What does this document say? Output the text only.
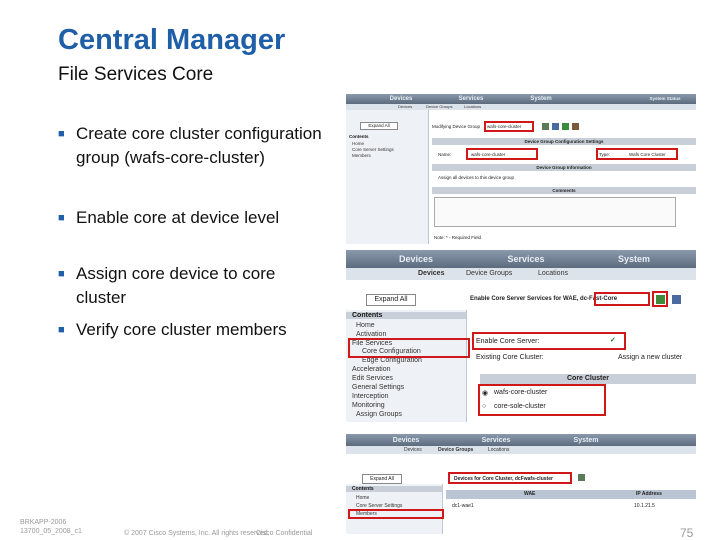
Central Manager
File Services Core
■ Create core cluster configuration group (wafs-core-cluster)
■ Enable core at device level
■ Assign core device to core cluster
■ Verify core cluster members
Devices	Services	System	System Status
Devices	Device Groups	Locations
Expand All
Contents
Home
Core Server Settings
Members
Modifying Device Group wafs-core-cluster
Device Group Configuration Settings
Name:	wafs-core-cluster	Type:	Wafs Core Cluster
Device Group Information
Assign all devices to this device group
Comments
Note: * - Required Field
Devices	Services	System
Devices	Device Groups	Locations
Expand All	Enable Core Server Services for WAE, dc-Fast-Core
Contents
Home
Activation
File Services
Core Configuration
Edge Configuration
Acceleration
Edit Services
General Settings
Interception
Monitoring
Assign Groups
Enable Core Server:	✓
Existing Core Cluster:	Assign a new cluster
Core Cluster
◉ wafs-core-cluster
○ core-sole-cluster
Devices	Services	System
Devices	Device Groups	Locations
Expand All	Devices for Core Cluster, dcFwafs-cluster
Contents
Home
Core Server Settings
Members
WAE	IP Address
dc1-wae1	10.1.21.5
BRKAPP-2006
13700_05_2008_c1	© 2007 Cisco Systems, Inc. All rights reserved.
Cisco Confidential	75
